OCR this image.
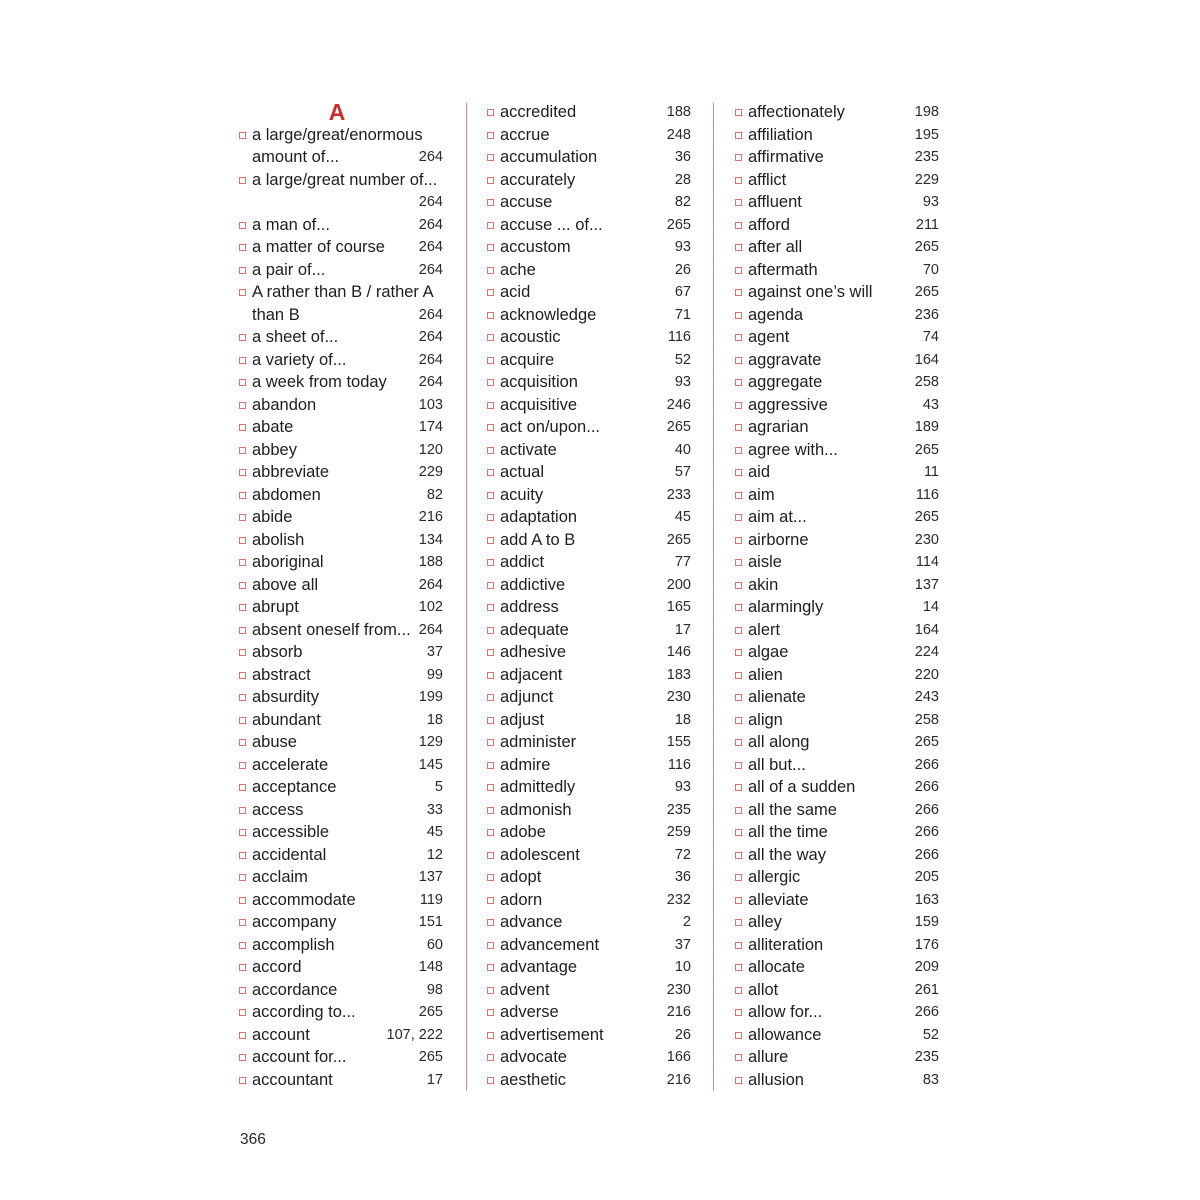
A
a large/great/enormous
amount of...	264
a large/great number of...
264
a man of...	264
a matter of course 264
a pair of...	264
A rather than B / rather A
than B	264
a sheet of...	264
a variety of...	264
a week from today 264
abandon	103
abate	174
abbey	120
abbreviate	229
abdomen	82
abide	216
abolish	134
aboriginal	188
above all	264
abrupt	102
absent oneself from... 264
absorb	37
abstract	99
absurdity	199
abundant	18
abuse	129
accelerate	145
acceptance	5
access	33
accessible	45
accidental	12
acclaim	137
accommodate	119
accompany	151
accomplish	60
accord	148
accordance	98
according to...	265
account	107, 222
account for...	265
accountant	17
accredited	188
accrue	248
accumulation	36
accurately	28
accuse	82
accuse ... of...	265
accustom	93
ache	26
acid	67
acknowledge	71
acoustic	116
acquire	52
acquisition	93
acquisitive	246
act on/upon...	265
activate	40
actual	57
acuity	233
adaptation	45
add A to B	265
addict	77
addictive	200
address	165
adequate	17
adhesive	146
adjacent	183
adjunct	230
adjust	18
administer	155
admire	116
admittedly	93
admonish	235
adobe	259
adolescent	72
adopt	36
adorn	232
advance	2
advancement	37
advantage	10
advent	230
adverse	216
advertisement	26
advocate	166
aesthetic	216
affectionately	198
affiliation	195
affirmative	235
afflict	229
affluent	93
afford	211
after all	265
aftermath	70
against one’s will	265
agenda	236
agent	74
aggravate	164
aggregate	258
aggressive	43
agrarian	189
agree with...	265
aid	11
aim	116
aim at...	265
airborne	230
aisle	114
akin	137
alarmingly	14
alert	164
algae	224
alien	220
alienate	243
align	258
all along	265
all but...	266
all of a sudden	266
all the same	266
all the time	266
all the way	266
allergic	205
alleviate	163
alley	159
alliteration	176
allocate	209
allot	261
allow for...	266
allowance	52
allure	235
allusion	83
366
